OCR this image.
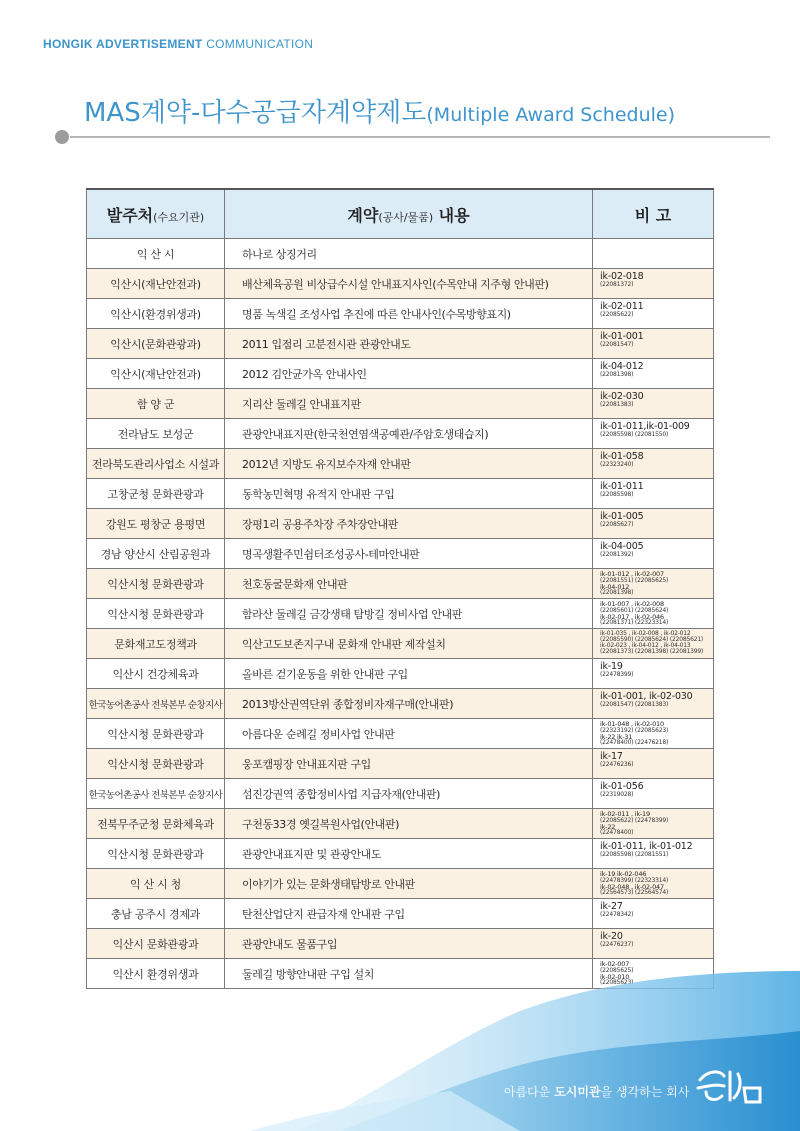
HONGIK ADVERTISEMENT COMMUNICATION
MAS계약-다수공급자계약제도(Multiple Award Schedule)
발주처(수요기관)	계약(공사/물품) 내용	비 고
익 산 시	하나로 상징거리	
익산시(재난안전과)	배산체육공원 비상급수시설 안내표지사인(수목안내 지주형 안내판)	ik-02-018
(22081372)

익산시(환경위생과)	명품 녹색길 조성사업 추진에 따른 안내사인(수목방향표지)	ik-02-011
(22085622)

익산시(문화관광과)	2011 입점리 고분전시관 관광안내도	ik-01-001
(22081547)

익산시(재난안전과)	2012 김안균가옥 안내사인	ik-04-012
(22081398)

함 양 군	지리산 둘레길 안내표지판	ik-02-030
(22081383)

전라남도 보성군	관광안내표지판(한국천연염색공예관/주암호생태습지)	ik-01-011,ik-01-009
(22085598) (22081550)

전라북도관리사업소 시설과	2012년 지방도 유지보수자재 안내판	ik-01-058
(22323240)

고창군청 문화관광과	동학농민혁명 유적지 안내판 구입	ik-01-011
(22085598)

강원도 평창군 용평면	장평1리 공용주차장 주차장안내판	ik-01-005
(22085627)

경남 양산시 산림공원과	명곡생활주민쉼터조성공사-테마안내판	ik-04-005
(22081392)

익산시청 문화관광과	천호동굴문화재 안내판	ik-01-012 , ik-02-007
(22081551) (22085625)
ik-04-012
(22081398)

익산시청 문화관광과	함라산 둘레길 금강생태 탐방길 정비사업 안내판	ik-01-007 , ik-02-008
(22085601) (22085624)
ik-02-017 , ik-02-046
(22081371) (22323314)

문화재고도정책과	익산고도보존지구내 문화재 안내판 제작설치	ik-01-035 , ik-02-008 , ik-02-012
(22085590) (22085624) (22085621)
ik-02-023 , ik-04-012 , ik-04-013
(22081373) (22081398) (22081399)

익산시 건강체육과	올바른 걷기운동을 위한 안내판 구입	ik-19
(22478399)

한국농어촌공사 전북본부 순창지사	2013방산권역단위 종합정비자재구매(안내판)	ik-01-001, ik-02-030
(22081547) (22081383)

익산시청 문화관광과	아름다운 순례길 정비사업 안내판	ik-01-048 , ik-02-010
(22323192) (22085623)
ik-22 ik-31
(22478400) (22476218)

익산시청 문화관광과	웅포캠핑장 안내표지판 구입	ik-17
(22476236)

한국농어촌공사 전북본부 순창지사	섬진강권역 종합정비사업 지급자재(안내판)	ik-01-056
(22319028)

전북무주군청 문화체육과	구천동33경 옛길복원사업(안내판)	ik-02-011 , ik-19
(22085622) (22478399)
ik-22
(22478400)

익산시청 문화관광과	관광안내표지판 및 관광안내도	ik-01-011, ik-01-012
(22085598) (22081551)

익 산 시 청	이야기가 있는 문화생태탐방로 안내판	ik-19 ik-02-046
(22478399) (22323314)
ik-02-048 , ik-02-047
(22564573) (22564574)

충남 공주시 경제과	탄천산업단지 관급자재 안내판 구입	ik-27
(22478342)

익산시 문화관광과	관광안내도 물품구입	ik-20
(22476237)

익산시 환경위생과	둘레길 방향안내판 구입 설치	ik-02-007
(22085625)
ik-02-010
(22085623)
아름다운 도시미관을 생각하는 회사
